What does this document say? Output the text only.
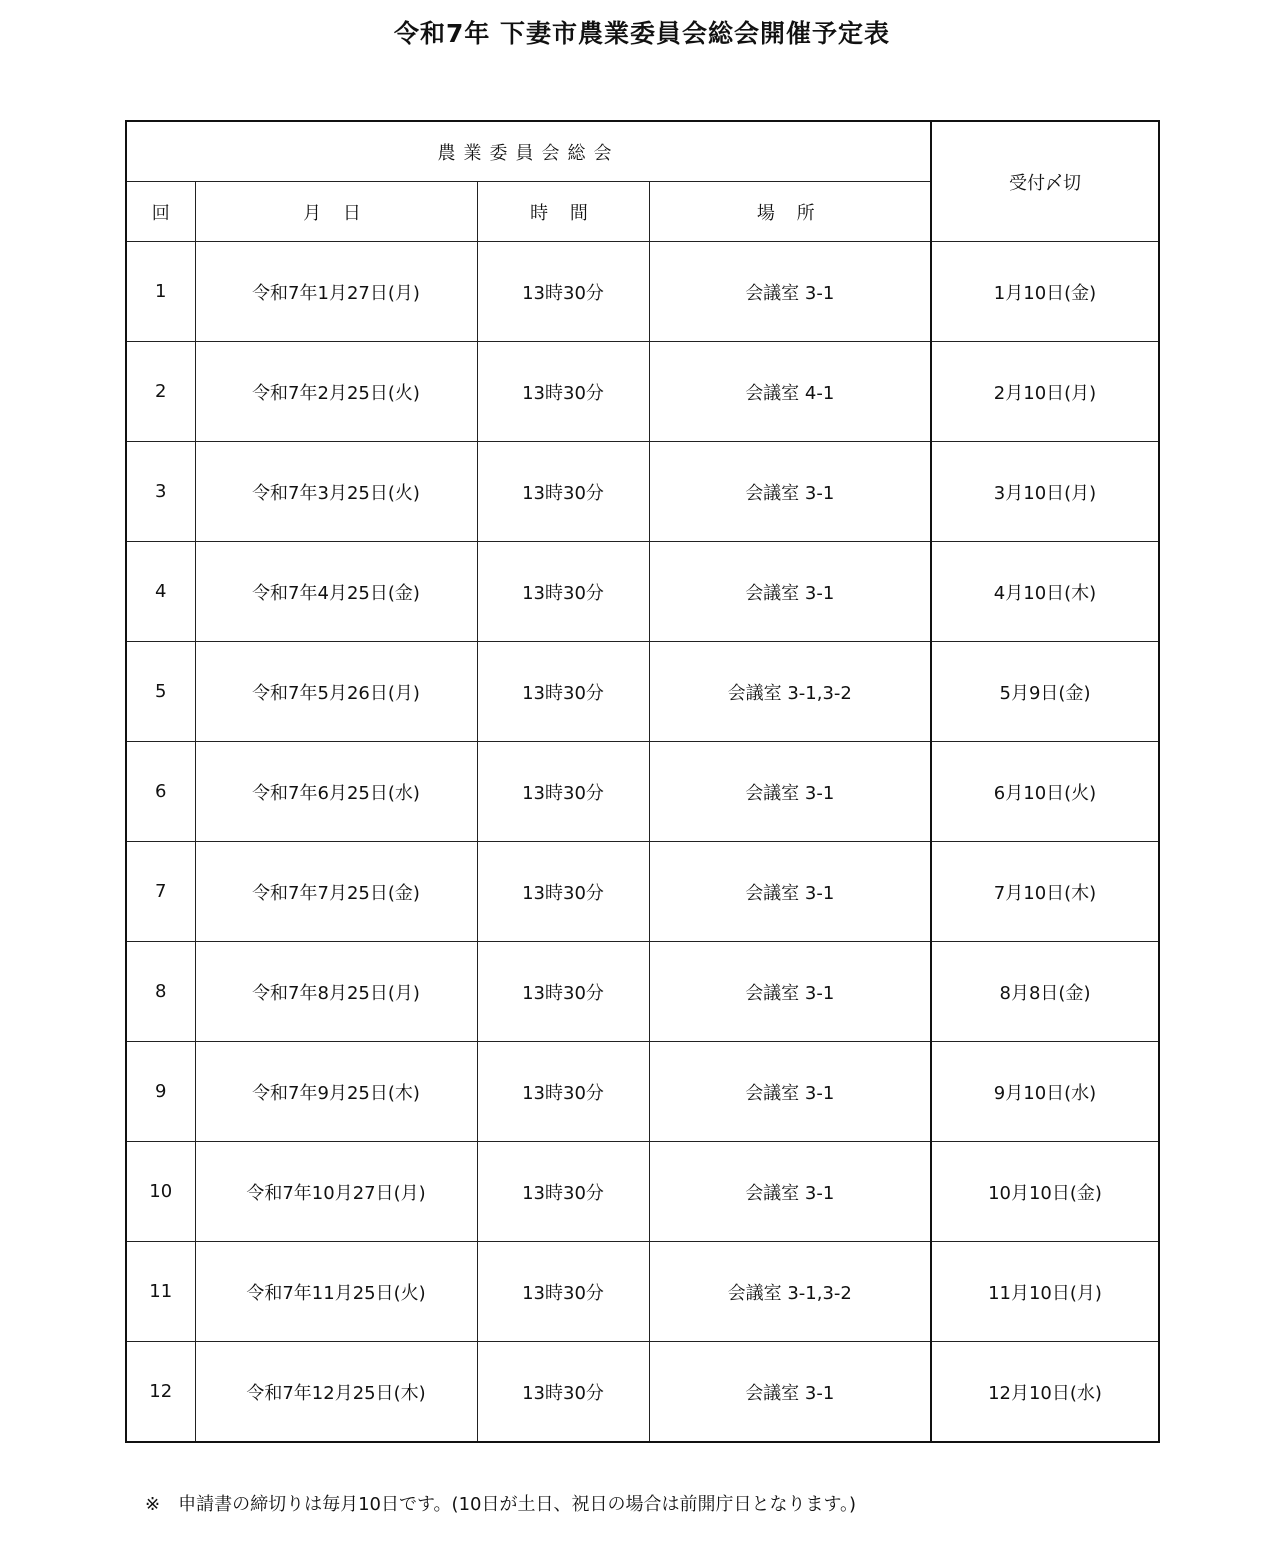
令和7年 下妻市農業委員会総会開催予定表
農業委員会総会				受付〆切
回	月 日	時 間	場 所	
1	令和7年1月27日(月)	13時30分	会議室 3-1	1月10日(金)
2	令和7年2月25日(火)	13時30分	会議室 4-1	2月10日(月)
3	令和7年3月25日(火)	13時30分	会議室 3-1	3月10日(月)
4	令和7年4月25日(金)	13時30分	会議室 3-1	4月10日(木)
5	令和7年5月26日(月)	13時30分	会議室 3-1,3-2	5月9日(金)
6	令和7年6月25日(水)	13時30分	会議室 3-1	6月10日(火)
7	令和7年7月25日(金)	13時30分	会議室 3-1	7月10日(木)
8	令和7年8月25日(月)	13時30分	会議室 3-1	8月8日(金)
9	令和7年9月25日(木)	13時30分	会議室 3-1	9月10日(水)
10	令和7年10月27日(月)	13時30分	会議室 3-1	10月10日(金)
11	令和7年11月25日(火)	13時30分	会議室 3-1,3-2	11月10日(月)
12	令和7年12月25日(木)	13時30分	会議室 3-1	12月10日(水)
※　申請書の締切りは毎月10日です。(10日が土日、祝日の場合は前開庁日となります。)
